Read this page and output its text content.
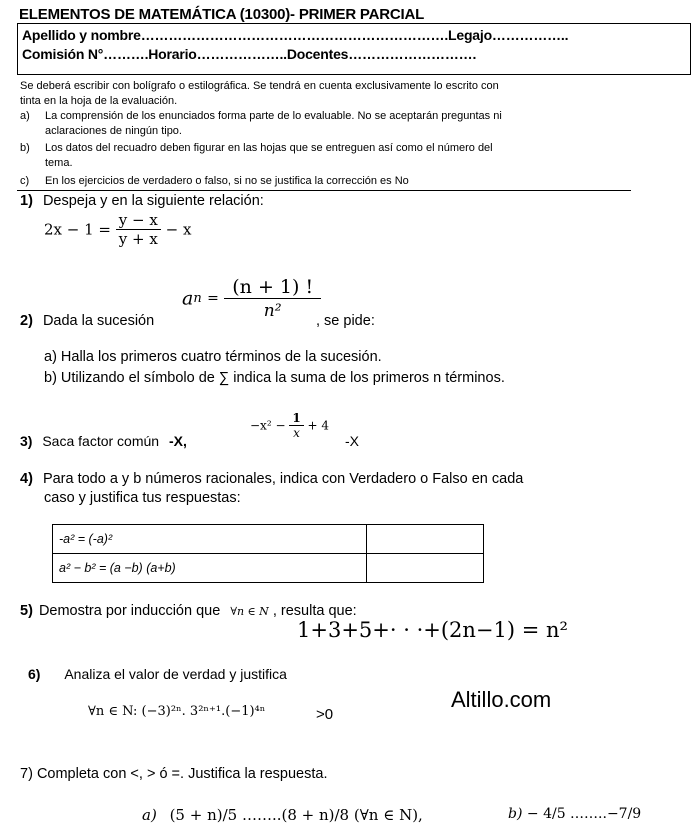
ELEMENTOS DE MATEMÁTICA (10300)- PRIMER PARCIAL
Apellido y nombre………………………………………………………….Legajo……………..
Comisión N°……….Horario………………..Docentes……………………….
Se deberá escribir con bolígrafo o estilográfica. Se tendrá en cuenta exclusivamente lo escrito con
tinta en la hoja de la evaluación.
a) La comprensión de los enunciados forma parte de lo evaluable. No se aceptarán preguntas ni
aclaraciones de ningún tipo.
b) Los datos del recuadro deben figurar en las hojas que se entreguen así como el número del
tema.
c) En los ejercicios de verdadero o falso, si no se justifica la corrección es No
1) Despeja y en la siguiente relación:
$2x - 1 = \frac{y - x}{y + x} - x$
2) Dada la sucesión
an = $\frac{(n + 1) !}{\text{n²}}$
, se pide:
a) Halla los primeros cuatro términos de la sucesión.
b) Utilizando el símbolo de ∑ indica la suma de los primeros n términos.
3) Saca factor común -X,
$-x^2 - \frac{1}{x} + 4$
-X
4) Para todo a y b números racionales, indica con Verdadero o Falso en cada
caso y justifica tus respuestas:
-a² = (-a)²	
a² − b² = (a −b) (a+b)	
5) Demostra por inducción que ∀n ∈ N , resulta que:
1+3+5+· · ·+(2n−1) = n²
6) Analiza el valor de verdad y justifica
∀n ∈ N: (−3)²ⁿ. 3²ⁿ⁺¹.(−1)⁴ⁿ	>0
Altillo.com
7) Completa con <, > ó =. Justifica la respuesta.
a) (5 + n)/5 ……..(8 + n)/8 (∀n ∈ N),	b) − 4/5 ……..−7/9
